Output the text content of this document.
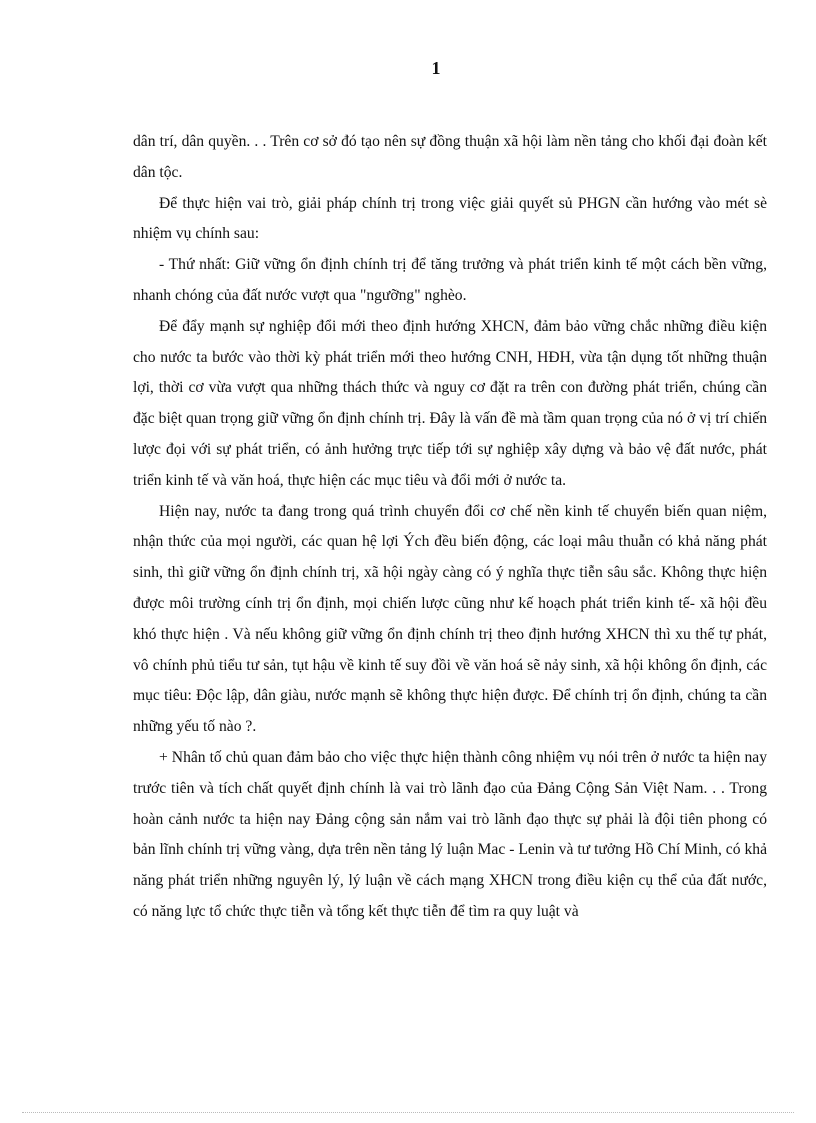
1

dân trí, dân quyền. . . Trên cơ sở đó tạo nên sự đồng thuận xã hội làm nền tảng cho khối đại đoàn kết dân tộc.

Để thực hiện vai trò, giải pháp chính trị trong việc giải quyết sủ PHGN cần hướng vào mét sè nhiệm vụ chính sau:

- Thứ nhất: Giữ vững ổn định chính trị để tăng trưởng và phát triển kinh tế một cách bền vững, nhanh chóng của đất nước vượt qua "ngưỡng" nghèo.

Để đẩy mạnh sự nghiệp đổi mới theo định hướng XHCN, đảm bảo vững chắc những điều kiện cho nước ta bước vào thời kỳ phát triển mới theo hướng CNH, HĐH, vừa tận dụng tốt những thuận lợi, thời cơ vừa vượt qua những thách thức và nguy cơ đặt ra trên con đường phát triển, chúng cần đặc biệt quan trọng giữ vững ổn định chính trị. Đây là vấn đề mà tầm quan trọng của nó ở vị trí chiến lược đọi với sự phát triển, có ảnh hưởng trực tiếp tới sự nghiệp xây dựng và bảo vệ đất nước, phát triển kinh tế và văn hoá, thực hiện các mục tiêu và đổi mới ở nước ta.

Hiện nay, nước ta đang trong quá trình chuyển đổi cơ chế nền kinh tế chuyển biến quan niệm, nhận thức của mọi người, các quan hệ lợi Ých đều biến động, các loại mâu thuẫn có khả năng phát sinh, thì giữ vững ổn định chính trị, xã hội ngày càng có ý nghĩa thực tiễn sâu sắc. Không thực hiện được môi trường cính trị ổn định, mọi chiến lược cũng như kế hoạch phát triển kinh tế- xã hội đều khó thực hiện . Và nếu không giữ vững ổn định chính trị theo định hướng XHCN thì xu thế tự phát, vô chính phủ tiểu tư sản, tụt hậu về kinh tế suy đồi về văn hoá sẽ nảy sinh, xã hội không ổn định, các mục tiêu: Độc lập, dân giàu, nước mạnh sẽ không thực hiện được. Để chính trị ổn định, chúng ta cần những yếu tố nào ?.

+ Nhân tố chủ quan đảm bảo cho việc thực hiện thành công nhiệm vụ nói trên ở nước ta hiện nay trước tiên và tích chất quyết định chính là vai trò lãnh đạo của Đảng Cộng Sản Việt Nam. . . Trong hoàn cảnh nước ta hiện nay Đảng cộng sản nắm vai trò lãnh đạo thực sự phải là đội tiên phong có bản lĩnh chính trị vững vàng, dựa trên nền tảng lý luận Mac - Lenin và tư tưởng Hồ Chí Minh, có khả năng phát triển những nguyên lý, lý luận về cách mạng XHCN trong điều kiện cụ thể của đất nước, có năng lực tổ chức thực tiễn và tổng kết thực tiễn để tìm ra quy luật và
